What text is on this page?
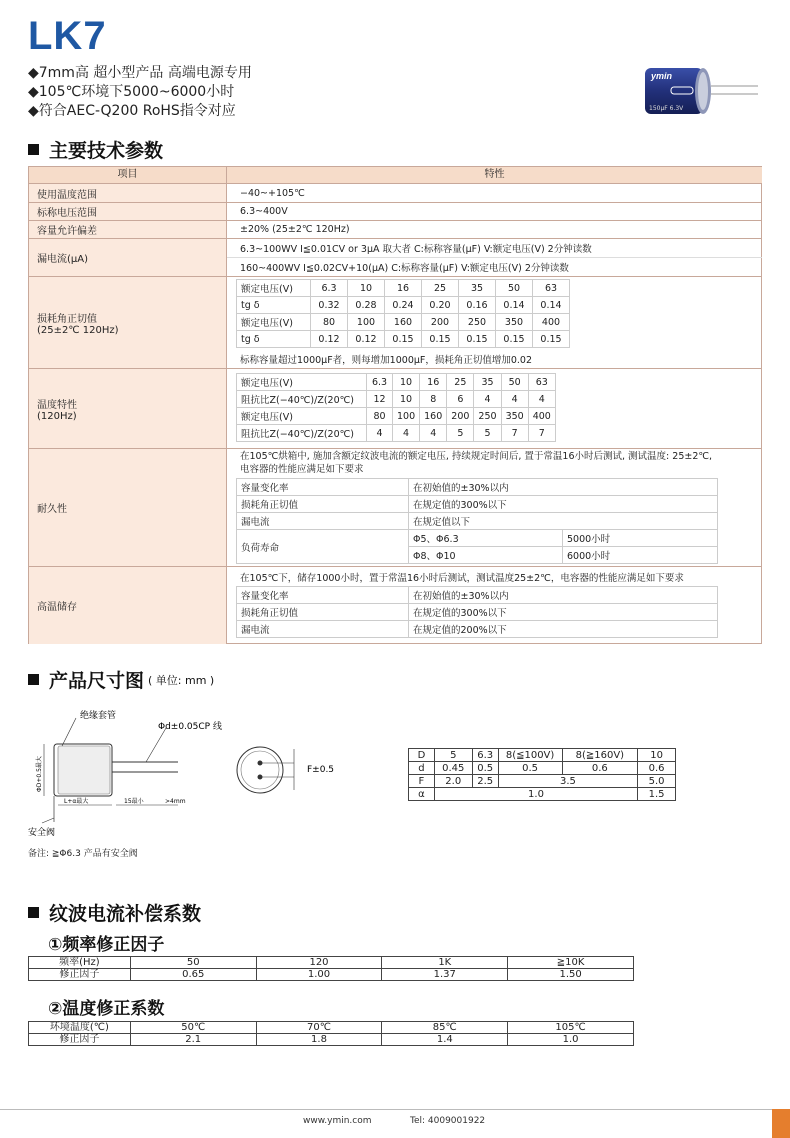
LK7
◆7mm高 超小型产品 高端电源专用
◆105℃环境下5000~6000小时
◆符合AEC-Q200 RoHS指令对应
ymin
150μF 6.3V
主要技术参数
项目	特性
使用温度范围	−40~+105℃
标称电压范围	6.3~400V
容量允许偏差	±20% (25±2℃ 120Hz)
漏电流(μA)
6.3~100WV I≦0.01CV or 3μA 取大者 C:标称容量(μF) V:额定电压(V) 2分钟读数
160~400WV I≦0.02CV+10(μA) C:标称容量(μF) V:额定电压(V) 2分钟读数
损耗角正切值
(25±2℃ 120Hz)
额定电压(V)	6.3	10	16	25	35	50	63
tg δ	0.32	0.28	0.24	0.20	0.16	0.14	0.14
额定电压(V)	80	100	160	200	250	350	400
tg δ	0.12	0.12	0.15	0.15	0.15	0.15	0.15
标称容量超过1000μF者，则每增加1000μF，损耗角正切值增加0.02
温度特性
(120Hz)
额定电压(V)	6.3	10	16	25	35	50	63
阻抗比Z(−40℃)/Z(20℃)	12	10	8	6	4	4	4
额定电压(V)	80	100	160	200	250	350	400
阻抗比Z(−40℃)/Z(20℃)	4	4	4	5	5	7	7
耐久性
在105℃烘箱中, 施加含额定纹波电流的额定电压, 持续规定时间后, 置于常温16小时后测试, 测试温度: 25±2℃,
电容器的性能应满足如下要求
容量变化率	在初始值的±30%以内	
损耗角正切值	在规定值的300%以下	
漏电流	在规定值以下	
负荷寿命	Φ5、Φ6.3	5000小时
	Φ8、Φ10	6000小时
高温储存
在105℃下，储存1000小时，置于常温16小时后测试，测试温度25±2℃，电容器的性能应满足如下要求
容量变化率	在初始值的±30%以内
损耗角正切值	在规定值的300%以下
漏电流	在规定值的200%以下
产品尺寸图 ( 单位: mm )
L+α最大	15最小	>4mm
ΦD+0.5最大
绝缘套管
Φd±0.05CP 线
安全阀
F±0.5
备注: ≧Φ6.3 产品有安全阀
D	5	6.3	8(≦100V)	8(≧160V)	10
d	0.45	0.5	0.5	0.6	0.6
F	2.0	2.5	3.5		5.0
α	1.0				1.5
纹波电流补偿系数
①频率修正因子
频率(Hz)	50	120	1K	≧10K
修正因子	0.65	1.00	1.37	1.50
②温度修正系数
环境温度(℃)	50℃	70℃	85℃	105℃
修正因子	2.1	1.8	1.4	1.0
www.ymin.com	Tel: 4009001922
